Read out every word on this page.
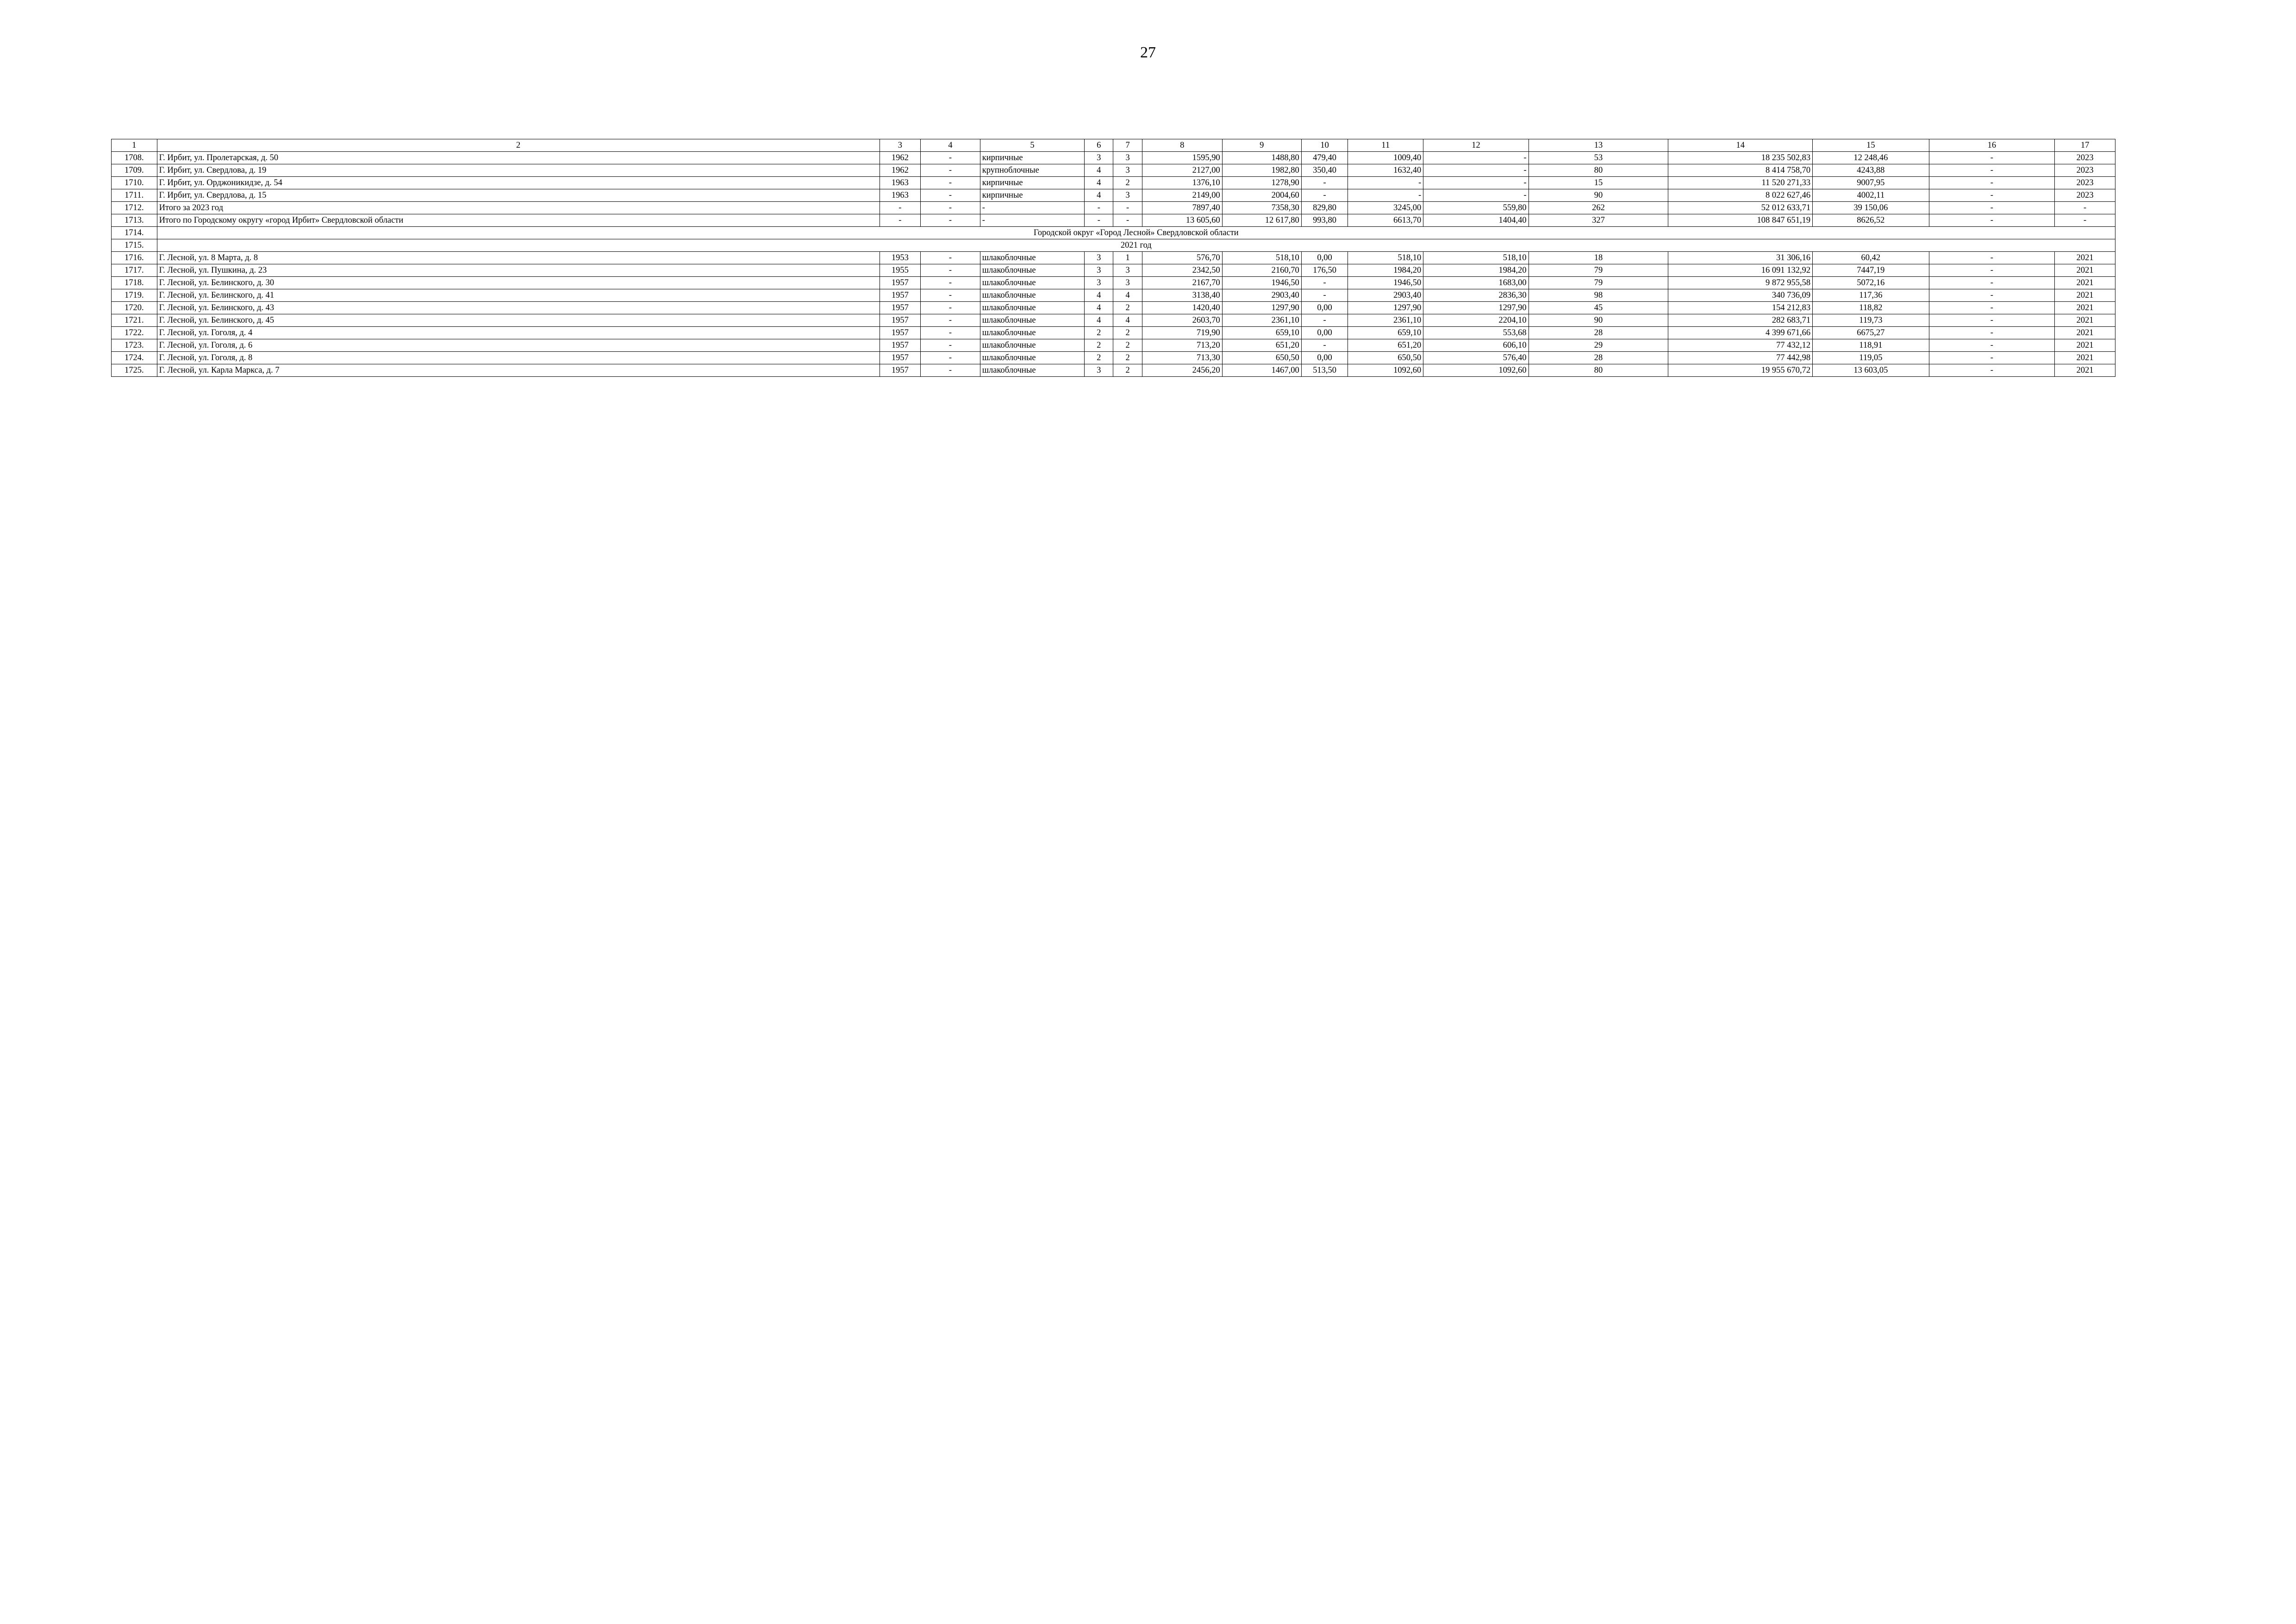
27
1	2	3	4	5	6	7	8	9	10	11	12	13	14	15	16	17
1708.	Г. Ирбит, ул. Пролетарская, д. 50	1962	-	кирпичные	3	3	1595,90	1488,80	479,40	1009,40	-	53	18 235 502,83	12 248,46	-	2023
1709.	Г. Ирбит, ул. Свердлова, д. 19	1962	-	крупноблочные	4	3	2127,00	1982,80	350,40	1632,40	-	80	8 414 758,70	4243,88	-	2023
1710.	Г. Ирбит, ул. Орджоникидзе, д. 54	1963	-	кирпичные	4	2	1376,10	1278,90	-	-	-	15	11 520 271,33	9007,95	-	2023
1711.	Г. Ирбит, ул. Свердлова, д. 15	1963	-	кирпичные	4	3	2149,00	2004,60	-	-	-	90	8 022 627,46	4002,11	-	2023
1712.	Итого за 2023 год	-	-	-	-	-	7897,40	7358,30	829,80	3245,00	559,80	262	52 012 633,71	39 150,06	-	-
1713.	Итого по Городскому округу «город Ирбит» Свердловской области	-	-	-	-	-	13 605,60	12 617,80	993,80	6613,70	1404,40	327	108 847 651,19	8626,52	-	-
1714.	Городской округ «Город Лесной» Свердловской области															
1715.	2021 год															
1716.	Г. Лесной, ул. 8 Марта, д. 8	1953	-	шлакоблочные	3	1	576,70	518,10	0,00	518,10	518,10	18	31 306,16	60,42	-	2021
1717.	Г. Лесной, ул. Пушкина, д. 23	1955	-	шлакоблочные	3	3	2342,50	2160,70	176,50	1984,20	1984,20	79	16 091 132,92	7447,19	-	2021
1718.	Г. Лесной, ул. Белинского, д. 30	1957	-	шлакоблочные	3	3	2167,70	1946,50	-	1946,50	1683,00	79	9 872 955,58	5072,16	-	2021
1719.	Г. Лесной, ул. Белинского, д. 41	1957	-	шлакоблочные	4	4	3138,40	2903,40	-	2903,40	2836,30	98	340 736,09	117,36	-	2021
1720.	Г. Лесной, ул. Белинского, д. 43	1957	-	шлакоблочные	4	2	1420,40	1297,90	0,00	1297,90	1297,90	45	154 212,83	118,82	-	2021
1721.	Г. Лесной, ул. Белинского, д. 45	1957	-	шлакоблочные	4	4	2603,70	2361,10	-	2361,10	2204,10	90	282 683,71	119,73	-	2021
1722.	Г. Лесной, ул. Гоголя, д. 4	1957	-	шлакоблочные	2	2	719,90	659,10	0,00	659,10	553,68	28	4 399 671,66	6675,27	-	2021
1723.	Г. Лесной, ул. Гоголя, д. 6	1957	-	шлакоблочные	2	2	713,20	651,20	-	651,20	606,10	29	77 432,12	118,91	-	2021
1724.	Г. Лесной, ул. Гоголя, д. 8	1957	-	шлакоблочные	2	2	713,30	650,50	0,00	650,50	576,40	28	77 442,98	119,05	-	2021
1725.	Г. Лесной, ул. Карла Маркса, д. 7	1957	-	шлакоблочные	3	2	2456,20	1467,00	513,50	1092,60	1092,60	80	19 955 670,72	13 603,05	-	2021
